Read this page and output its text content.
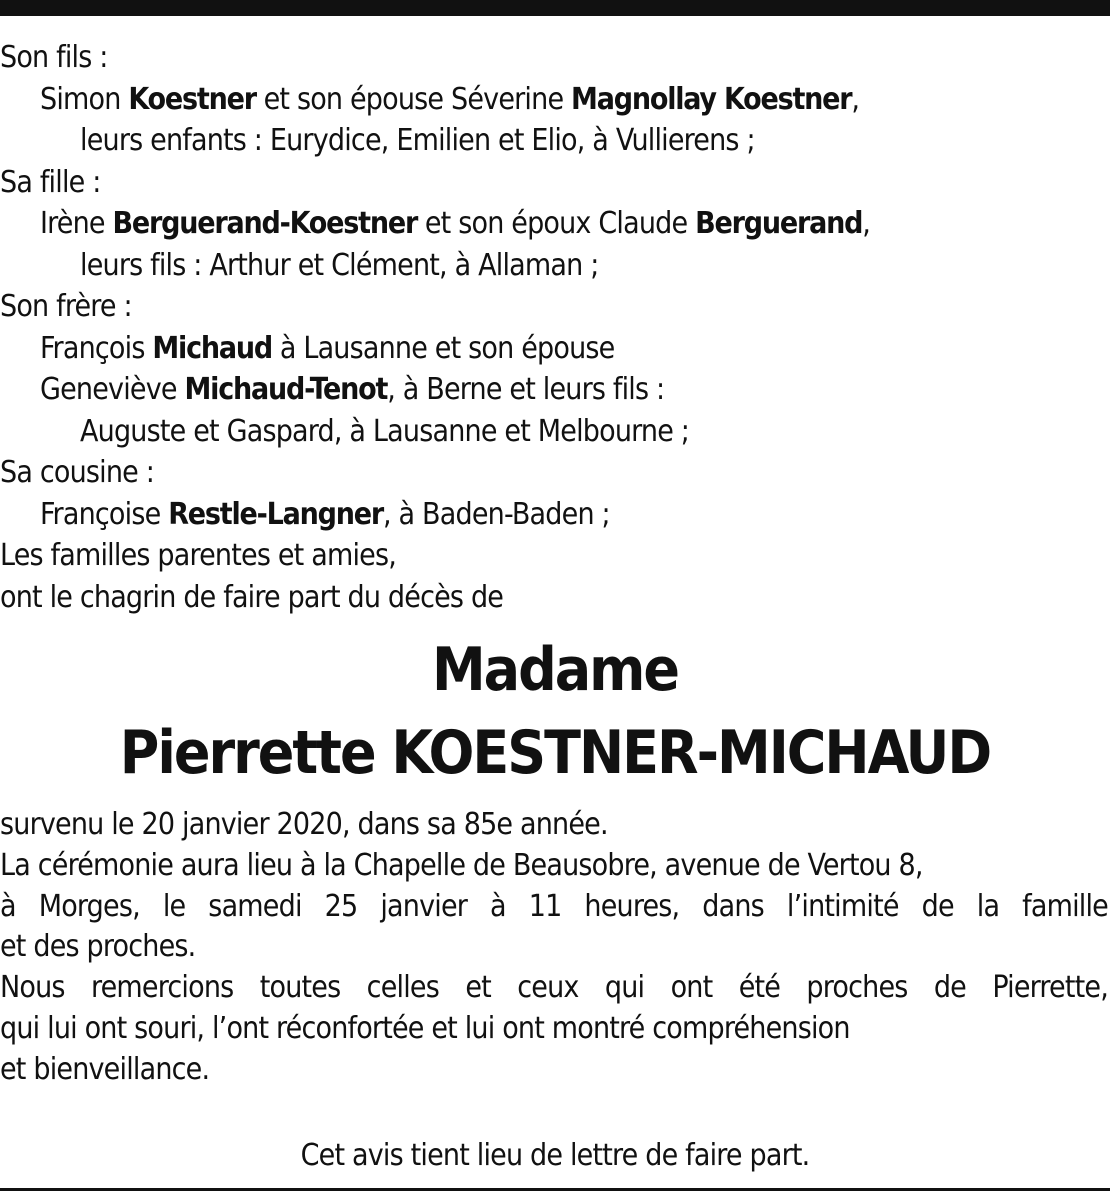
Son fils :
Simon Koestner et son épouse Séverine Magnollay Koestner,
leurs enfants : Eurydice, Emilien et Elio, à Vullierens ;
Sa fille :
Irène Berguerand-Koestner et son époux Claude Berguerand,
leurs fils : Arthur et Clément, à Allaman ;
Son frère :
François Michaud à Lausanne et son épouse
Geneviève Michaud-Tenot, à Berne et leurs fils :
Auguste et Gaspard, à Lausanne et Melbourne ;
Sa cousine :
Françoise Restle-Langner, à Baden-Baden ;
Les familles parentes et amies,
ont le chagrin de faire part du décès de
Madame
Pierrette KOESTNER-MICHAUD
survenu le 20 janvier 2020, dans sa 85e année.
La cérémonie aura lieu à la Chapelle de Beausobre, avenue de Vertou 8,
à Morges, le samedi 25 janvier à 11 heures, dans l’intimité de la famille
et des proches.
Nous remercions toutes celles et ceux qui ont été proches de Pierrette,
qui lui ont souri, l’ont réconfortée et lui ont montré compréhension
et bienveillance.
Cet avis tient lieu de lettre de faire part.
